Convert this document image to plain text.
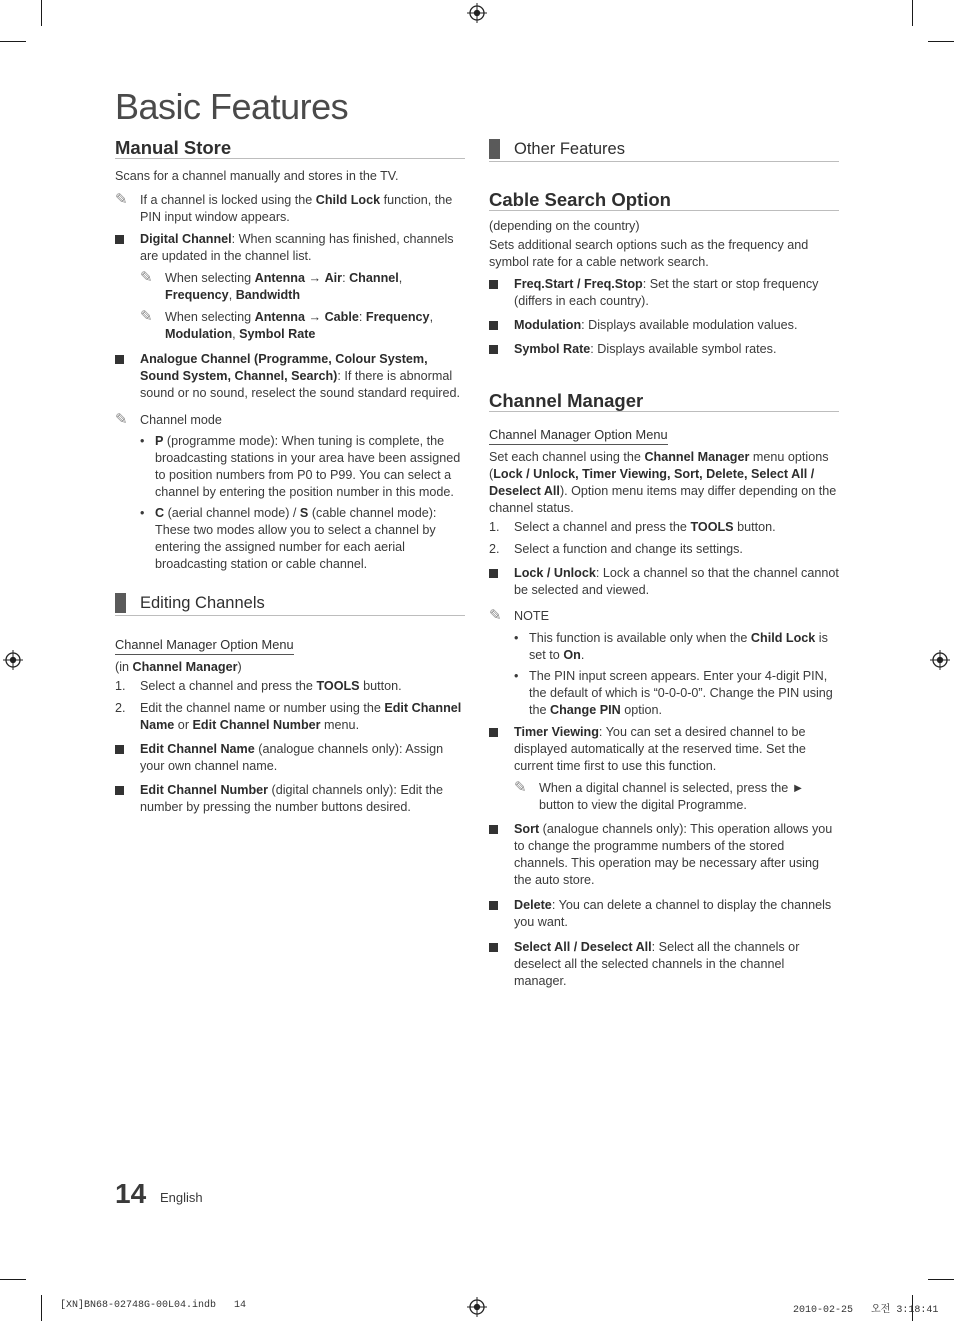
Basic Features
Manual Store

Scans for a channel manually and stores in the TV.

✎ If a channel is locked using the Child Lock function, the PIN input window appears.
Digital Channel: When scanning has finished, channels are updated in the channel list.
✎ When selecting Antenna → Air: Channel, Frequency, Bandwidth
✎ When selecting Antenna → Cable: Frequency, Modulation, Symbol Rate
Analogue Channel (Programme, Colour System, Sound System, Channel, Search): If there is abnormal sound or no sound, reselect the sound standard required.
✎ Channel mode
• P (programme mode): When tuning is complete, the broadcasting stations in your area have been assigned to position numbers from P0 to P99. You can select a channel by entering the position number in this mode.
• C (aerial channel mode) / S (cable channel mode): These two modes allow you to select a channel by entering the assigned number for each aerial broadcasting station or cable channel.
Editing Channels
Channel Manager Option Menu

(in Channel Manager)

1. Select a channel and press the TOOLS button.
2. Edit the channel name or number using the Edit Channel Name or Edit Channel Number menu.
Edit Channel Name (analogue channels only): Assign your own channel name.
Edit Channel Number (digital channels only): Edit the number by pressing the number buttons desired.
Other Features
Cable Search Option

(depending on the country)

Sets additional search options such as the frequency and symbol rate for a cable network search.

Freq.Start / Freq.Stop: Set the start or stop frequency (differs in each country).
Modulation: Displays available modulation values.
Symbol Rate: Displays available symbol rates.
Channel Manager
Channel Manager Option Menu

Set each channel using the Channel Manager menu options (Lock / Unlock, Timer Viewing, Sort, Delete, Select All / Deselect All). Option menu items may differ depending on the channel status.

1. Select a channel and press the TOOLS button.
2. Select a function and change its settings.
Lock / Unlock: Lock a channel so that the channel cannot be selected and viewed.
✎ NOTE
• This function is available only when the Child Lock is set to On.
• The PIN input screen appears. Enter your 4-digit PIN, the default of which is “0-0-0-0”. Change the PIN using the Change PIN option.
Timer Viewing: You can set a desired channel to be displayed automatically at the reserved time. Set the current time first to use this function.
✎ When a digital channel is selected, press the ► button to view the digital Programme.
Sort (analogue channels only): This operation allows you to change the programme numbers of the stored channels. This operation may be necessary after using the auto store.
Delete: You can delete a channel to display the channels you want.
Select All / Deselect All: Select all the channels or deselect all the selected channels in the channel manager.
14 English
[XN]BN68-02748G-00L04.indb   14	2010-02-25   오전 3:18:41
